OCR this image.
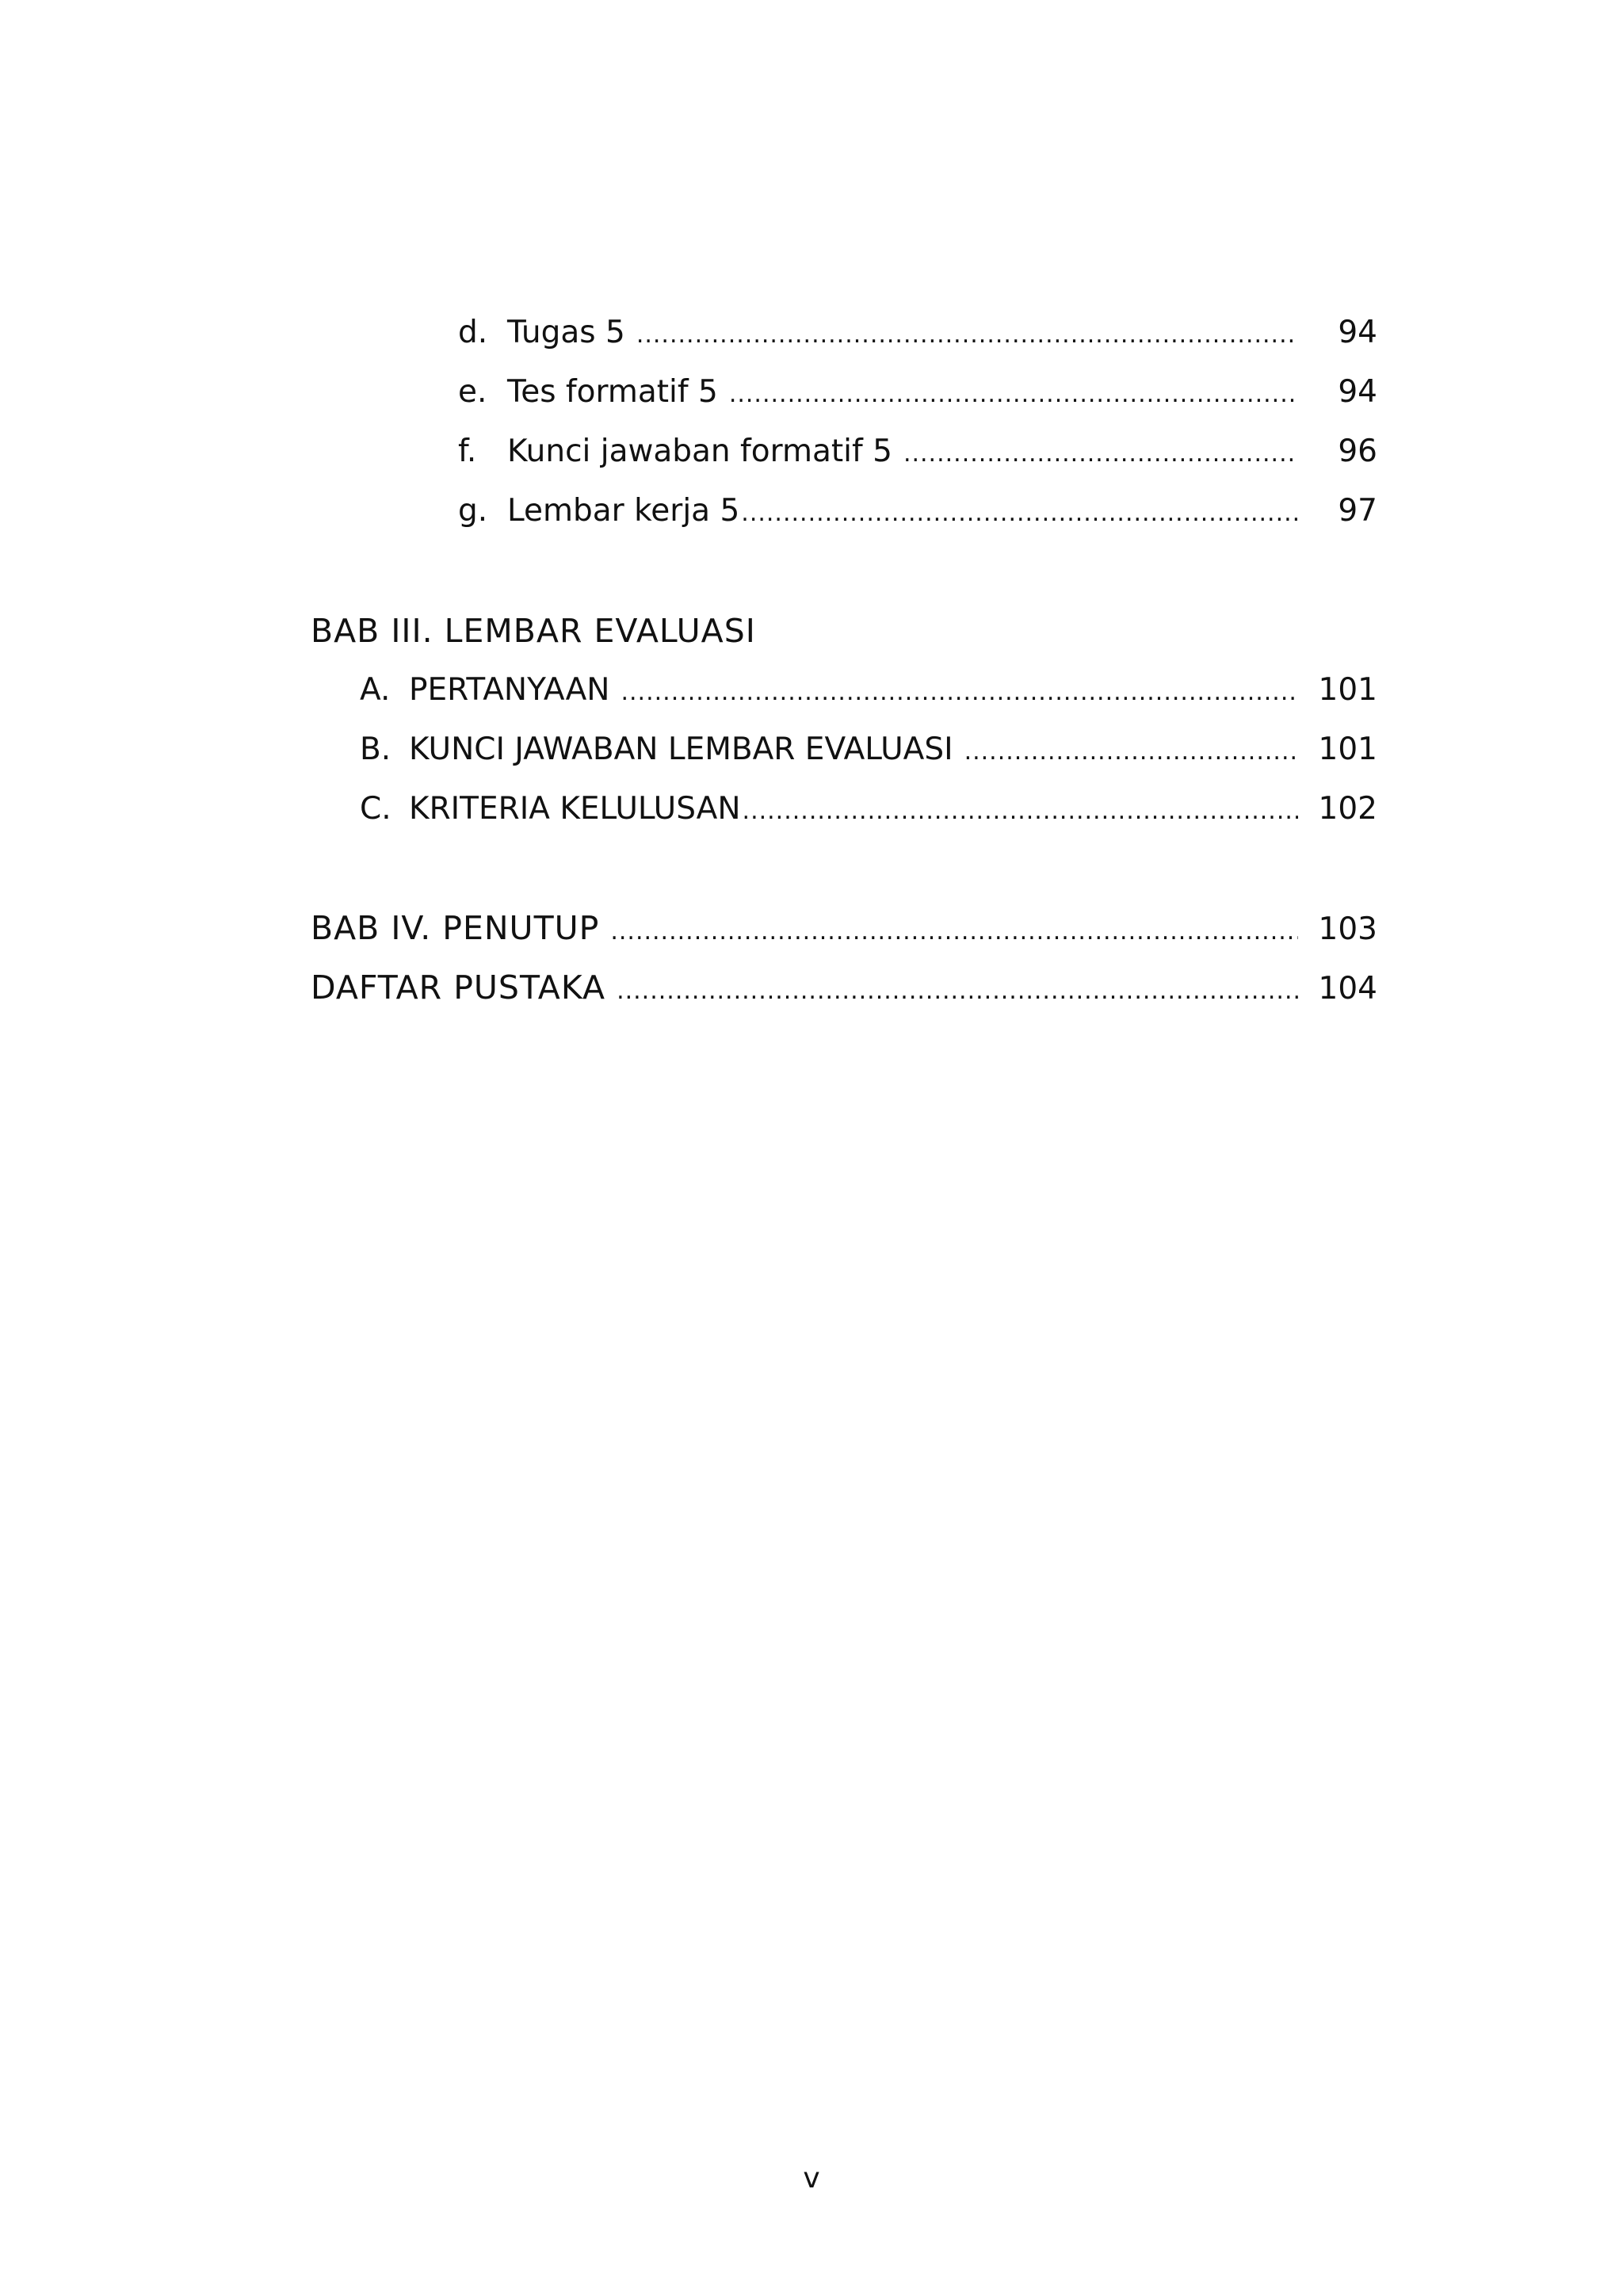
d. Tugas 5 .....	94
e. Tes formatif 5 .....	94
f. Kunci jawaban formatif 5 .....	96
g. Lembar kerja 5 .....	97
BAB III. LEMBAR EVALUASI
A. PERTANYAAN .....	101
B. KUNCI JAWABAN LEMBAR EVALUASI .....	101
C. KRITERIA KELULUSAN .....	102
BAB IV. PENUTUP .....	103
DAFTAR PUSTAKA .....	104
v
